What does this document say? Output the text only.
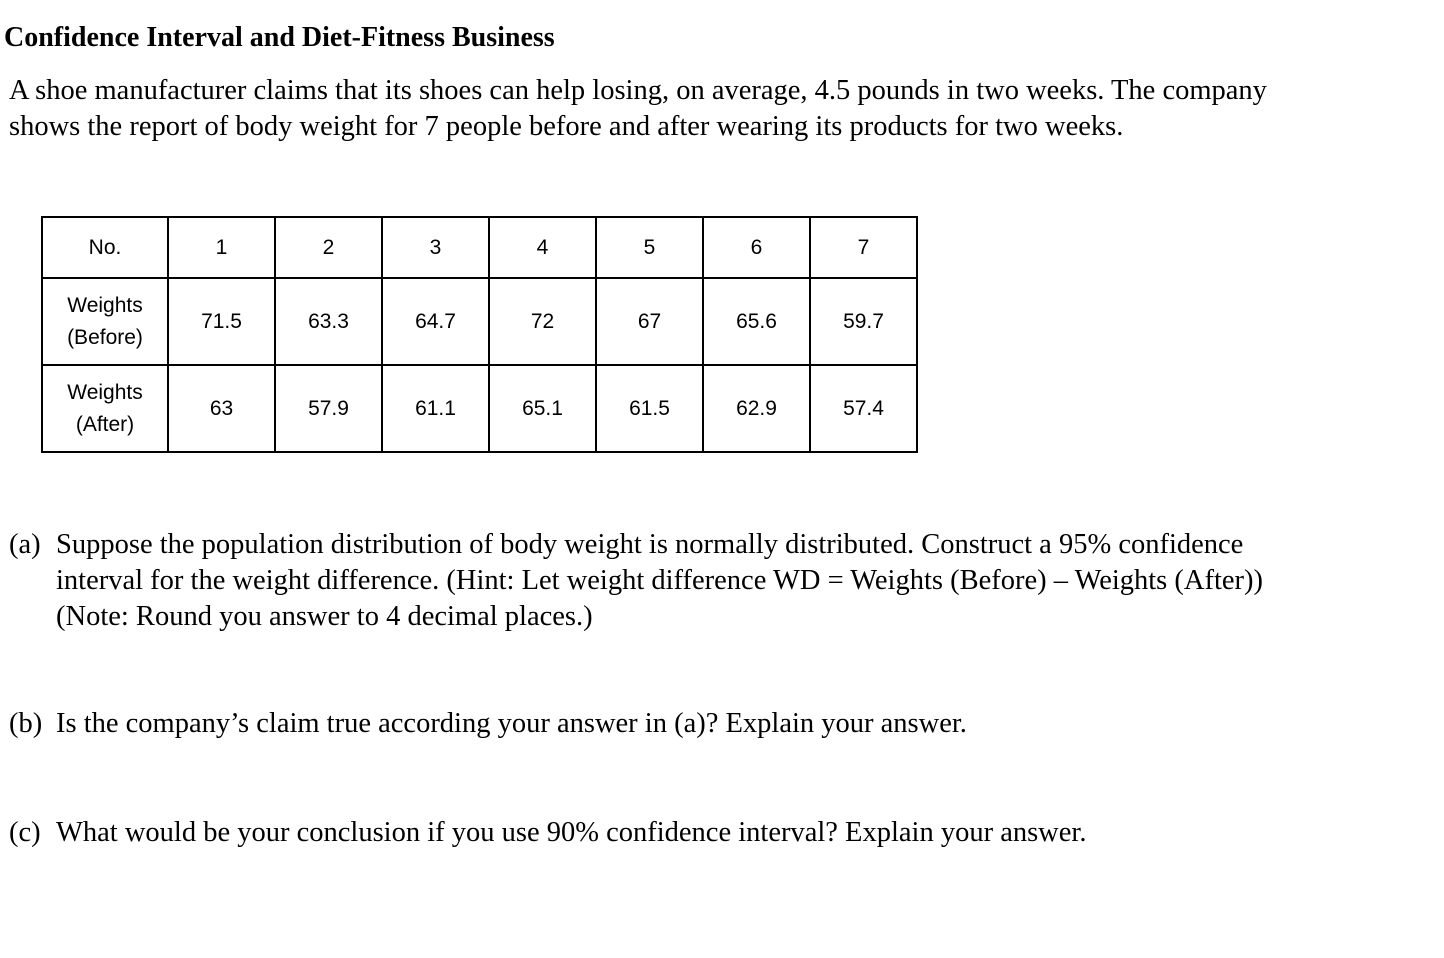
Confidence Interval and Diet-Fitness Business
A shoe manufacturer claims that its shoes can help losing, on average, 4.5 pounds in two weeks. The company
shows the report of body weight for 7 people before and after wearing its products for two weeks.
No.	1	2	3	4	5	6	7

Weights
(Before)	71.5	63.3	64.7	72	67	65.6	59.7

Weights
(After)	63	57.9	61.1	65.1	61.5	62.9	57.4
(a) Suppose the population distribution of body weight is normally distributed. Construct a 95% confidence
interval for the weight difference. (Hint: Let weight difference WD = Weights (Before) – Weights (After))
(Note: Round you answer to 4 decimal places.)
(b) Is the company’s claim true according your answer in (a)? Explain your answer.
(c) What would be your conclusion if you use 90% confidence interval? Explain your answer.
